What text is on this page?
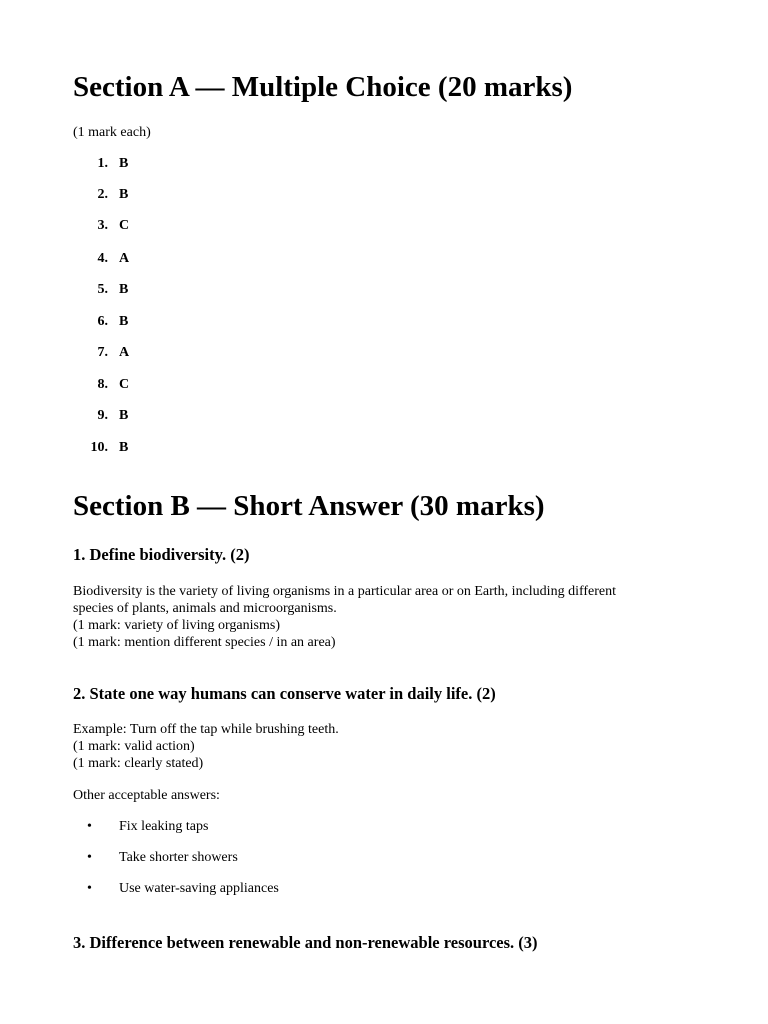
Section A — Multiple Choice (20 marks)

(1 mark each)

1. B
2. B
3. C
4. A
5. B
6. B
7. A
8. C
9. B
10. B
Section B — Short Answer (30 marks)
1. Define biodiversity. (2)

Biodiversity is the variety of living organisms in a particular area or on Earth, including different

species of plants, animals and microorganisms.

(1 mark: variety of living organisms)

(1 mark: mention different species / in an area)

2. State one way humans can conserve water in daily life. (2)

Example: Turn off the tap while brushing teeth.

(1 mark: valid action)

(1 mark: clearly stated)

Other acceptable answers:

• Fix leaking taps
• Take shorter showers
• Use water-saving appliances
3. Difference between renewable and non-renewable resources. (3)
